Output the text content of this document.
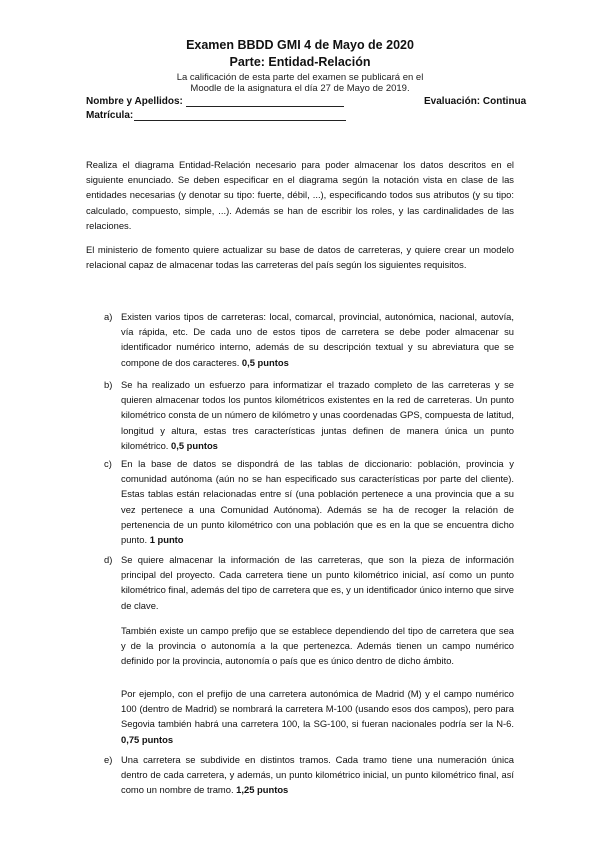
Examen BBDD GMI 4 de Mayo de 2020
Parte: Entidad-Relación
La calificación de esta parte del examen se publicará en el
Moodle de la asignatura el día 27 de Mayo de 2019.
Nombre y Apellidos:	Evaluación: Continua
Matrícula:
Realiza el diagrama Entidad-Relación necesario para poder almacenar los datos descritos en el siguiente enunciado. Se deben especificar en el diagrama según la notación vista en clase de las entidades necesarias (y denotar su tipo: fuerte, débil, ...), especificando todos sus atributos (y su tipo: calculado, compuesto, simple, ...). Además se han de escribir los roles, y las cardinalidades de las relaciones.
El ministerio de fomento quiere actualizar su base de datos de carreteras, y quiere crear un modelo relacional capaz de almacenar todas las carreteras del país según los siguientes requisitos.
a) Existen varios tipos de carreteras: local, comarcal, provincial, autonómica, nacional, autovía, vía rápida, etc. De cada uno de estos tipos de carretera se debe poder almacenar su identificador numérico interno, además de su descripción textual y su abreviatura que se compone de dos caracteres. 0,5 puntos
b) Se ha realizado un esfuerzo para informatizar el trazado completo de las carreteras y se quieren almacenar todos los puntos kilométricos existentes en la red de carreteras. Un punto kilométrico consta de un número de kilómetro y unas coordenadas GPS, compuesta de latitud, longitud y altura, estas tres características juntas definen de manera única un punto kilométrico. 0,5 puntos
c) En la base de datos se dispondrá de las tablas de diccionario: población, provincia y comunidad autónoma (aún no se han especificado sus características por parte del cliente). Estas tablas están relacionadas entre sí (una población pertenece a una provincia que a su vez pertenece a una Comunidad Autónoma). Además se ha de recoger la relación de pertenencia de un punto kilométrico con una población que es en la que se encuentra dicho punto. 1 punto
d) Se quiere almacenar la información de las carreteras, que son la pieza de información principal del proyecto. Cada carretera tiene un punto kilométrico inicial, así como un punto kilométrico final, además del tipo de carretera que es, y un identificador único interno que sirve de clave.
También existe un campo prefijo que se establece dependiendo del tipo de carretera que sea y de la provincia o autonomía a la que pertenezca. Además tienen un campo numérico definido por la provincia, autonomía o país que es único dentro de dicho ámbito.
Por ejemplo, con el prefijo de una carretera autonómica de Madrid (M) y el campo numérico 100 (dentro de Madrid) se nombrará la carretera M-100 (usando esos dos campos), pero para Segovia también habrá una carretera 100, la SG-100, si fueran nacionales podría ser la N-6. 0,75 puntos
e) Una carretera se subdivide en distintos tramos. Cada tramo tiene una numeración única dentro de cada carretera, y además, un punto kilométrico inicial, un punto kilométrico final, así como un nombre de tramo. 1,25 puntos
